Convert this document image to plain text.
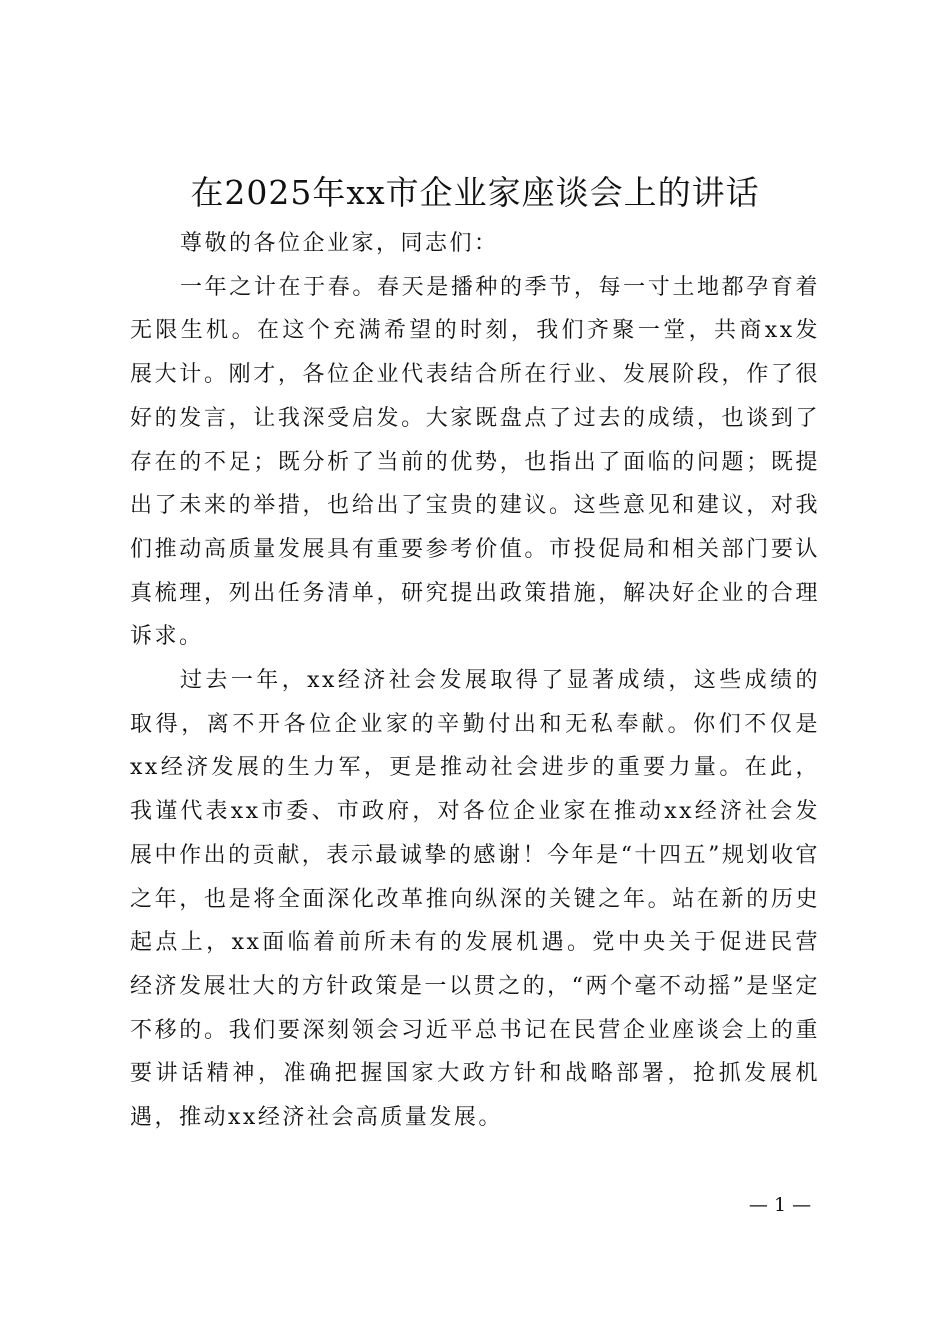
在2025年xx市企业家座谈会上的讲话

尊敬的各位企业家，同志们：

一年之计在于春。春天是播种的季节，每一寸土地都孕育着无限生机。在这个充满希望的时刻，我们齐聚一堂，共商xx发展大计。刚才，各位企业代表结合所在行业、发展阶段，作了很好的发言，让我深受启发。大家既盘点了过去的成绩，也谈到了存在的不足；既分析了当前的优势，也指出了面临的问题；既提出了未来的举措，也给出了宝贵的建议。这些意见和建议，对我们推动高质量发展具有重要参考价值。市投促局和相关部门要认真梳理，列出任务清单，研究提出政策措施，解决好企业的合理诉求。

过去一年，xx经济社会发展取得了显著成绩，这些成绩的取得，离不开各位企业家的辛勤付出和无私奉献。你们不仅是xx经济发展的生力军，更是推动社会进步的重要力量。在此，我谨代表xx市委、市政府，对各位企业家在推动xx经济社会发展中作出的贡献，表示最诚挚的感谢！今年是“十四五”规划收官之年，也是将全面深化改革推向纵深的关键之年。站在新的历史起点上，xx面临着前所未有的发展机遇。党中央关于促进民营经济发展壮大的方针政策是一以贯之的，“两个毫不动摇”是坚定不移的。我们要深刻领会习近平总书记在民营企业座谈会上的重要讲话精神，准确把握国家大政方针和战略部署，抢抓发展机遇，推动xx经济社会高质量发展。

— 1 —
